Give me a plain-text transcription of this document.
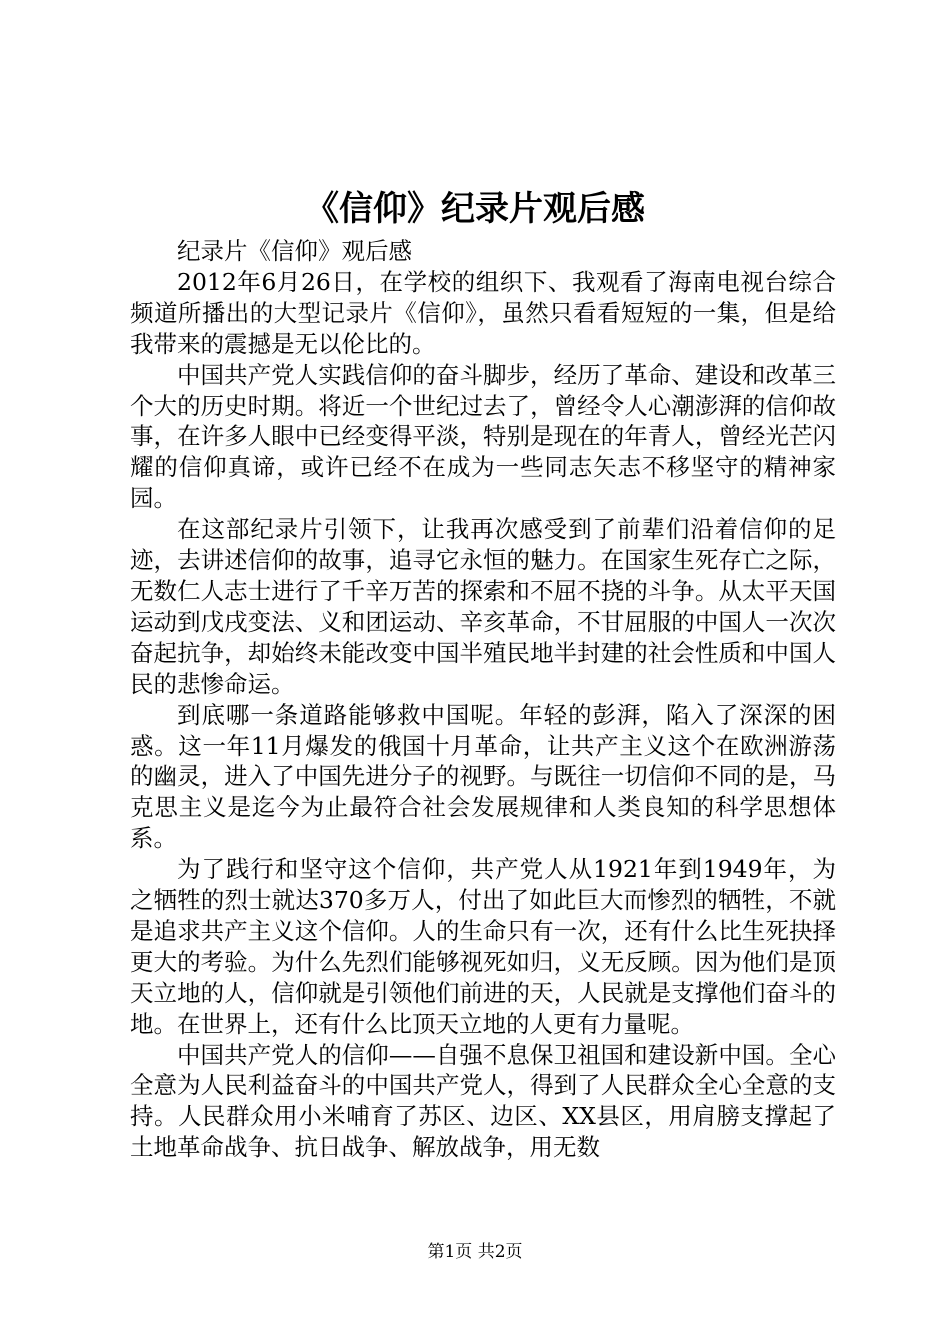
《信仰》纪录片观后感

纪录片《信仰》观后感

2012年6月26日，在学校的组织下、我观看了海南电视台综合频道所播出的大型记录片《信仰》，虽然只看看短短的一集，但是给我带来的震撼是无以伦比的。

中国共产党人实践信仰的奋斗脚步，经历了革命、建设和改革三个大的历史时期。将近一个世纪过去了，曾经令人心潮澎湃的信仰故事，在许多人眼中已经变得平淡，特别是现在的年青人，曾经光芒闪耀的信仰真谛，或许已经不在成为一些同志矢志不移坚守的精神家园。

在这部纪录片引领下，让我再次感受到了前辈们沿着信仰的足迹，去讲述信仰的故事，追寻它永恒的魅力。在国家生死存亡之际，无数仁人志士进行了千辛万苦的探索和不屈不挠的斗争。从太平天国运动到戊戌变法、义和团运动、辛亥革命，不甘屈服的中国人一次次奋起抗争，却始终未能改变中国半殖民地半封建的社会性质和中国人民的悲惨命运。

到底哪一条道路能够救中国呢。年轻的彭湃，陷入了深深的困惑。这一年11月爆发的俄国十月革命，让共产主义这个在欧洲游荡的幽灵，进入了中国先进分子的视野。与既往一切信仰不同的是，马克思主义是迄今为止最符合社会发展规律和人类良知的科学思想体系。

为了践行和坚守这个信仰，共产党人从1921年到1949年，为之牺牲的烈士就达370多万人，付出了如此巨大而惨烈的牺牲，不就是追求共产主义这个信仰。人的生命只有一次，还有什么比生死抉择更大的考验。为什么先烈们能够视死如归，义无反顾。因为他们是顶天立地的人，信仰就是引领他们前进的天，人民就是支撑他们奋斗的地。在世界上，还有什么比顶天立地的人更有力量呢。

中国共产党人的信仰——自强不息保卫祖国和建设新中国。全心全意为人民利益奋斗的中国共产党人，得到了人民群众全心全意的支持。人民群众用小米哺育了苏区、边区、XX县区，用肩膀支撑起了土地革命战争、抗日战争、解放战争，用无数

第1页 共2页
